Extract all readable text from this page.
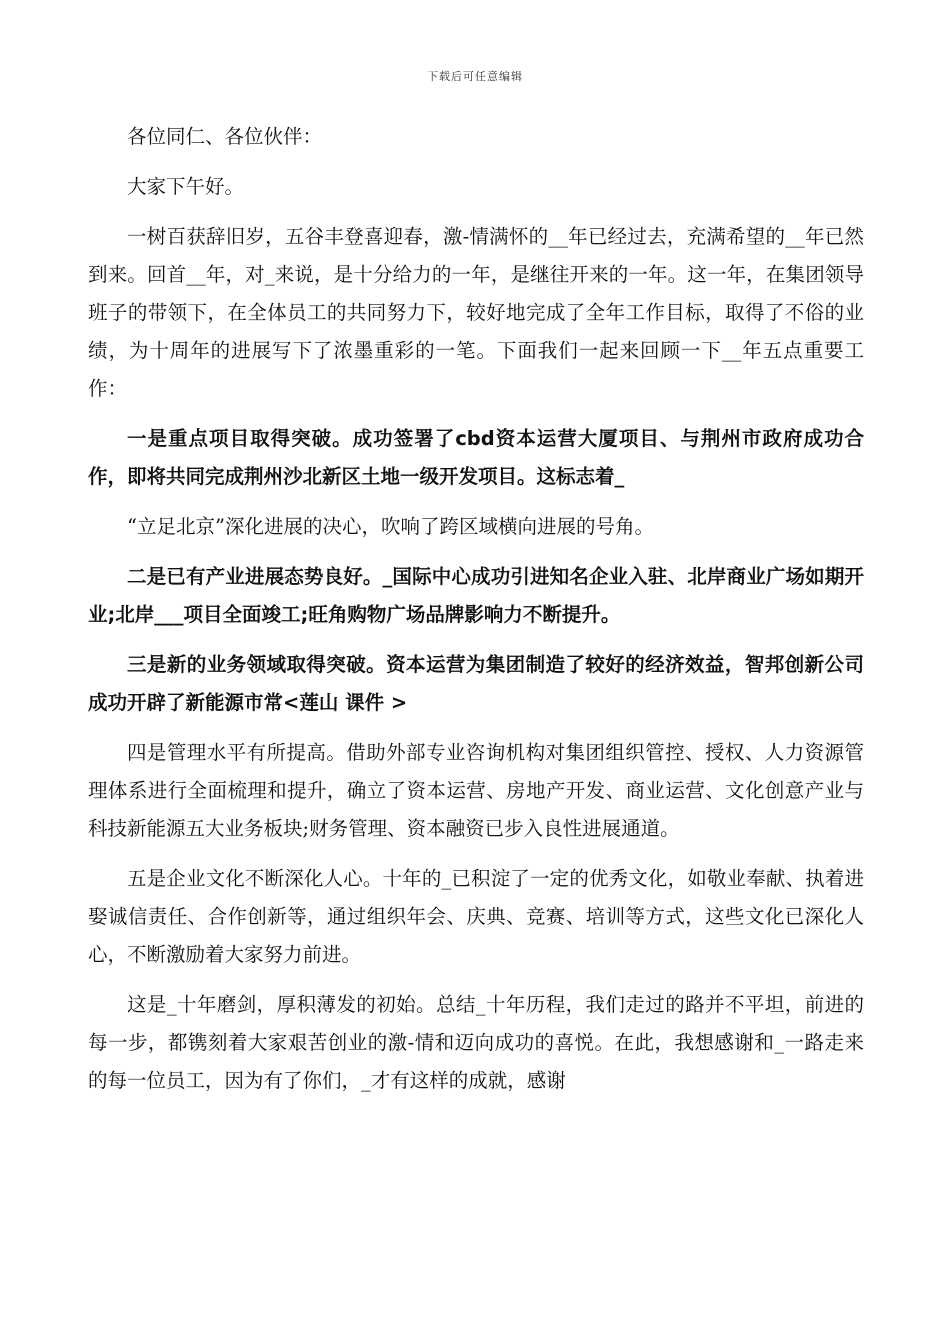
下载后可任意编辑

各位同仁、各位伙伴：

大家下午好。

一树百获辞旧岁，五谷丰登喜迎春，激-情满怀的__年已经过去，充满希望的__年已然到来。回首__年，对_来说，是十分给力的一年，是继往开来的一年。这一年，在集团领导班子的带领下，在全体员工的共同努力下，较好地完成了全年工作目标，取得了不俗的业绩，为十周年的进展写下了浓墨重彩的一笔。下面我们一起来回顾一下__年五点重要工作：

一是重点项目取得突破。成功签署了cbd资本运营大厦项目、与荆州市政府成功合作，即将共同完成荆州沙北新区土地一级开发项目。这标志着_

“立足北京”深化进展的决心，吹响了跨区域横向进展的号角。

二是已有产业进展态势良好。_国际中心成功引进知名企业入驻、北岸商业广场如期开业;北岸___项目全面竣工;旺角购物广场品牌影响力不断提升。

三是新的业务领域取得突破。资本运营为集团制造了较好的经济效益，智邦创新公司成功开辟了新能源市常<莲山 课件 >

四是管理水平有所提高。借助外部专业咨询机构对集团组织管控、授权、人力资源管理体系进行全面梳理和提升，确立了资本运营、房地产开发、商业运营、文化创意产业与科技新能源五大业务板块;财务管理、资本融资已步入良性进展通道。

五是企业文化不断深化人心。十年的_已积淀了一定的优秀文化，如敬业奉献、执着进娶诚信责任、合作创新等，通过组织年会、庆典、竞赛、培训等方式，这些文化已深化人心，不断激励着大家努力前进。

这是_十年磨剑，厚积薄发的初始。总结_十年历程，我们走过的路并不平坦，前进的每一步，都镌刻着大家艰苦创业的激-情和迈向成功的喜悦。在此，我想感谢和_一路走来的每一位员工，因为有了你们，_才有这样的成就，感谢
